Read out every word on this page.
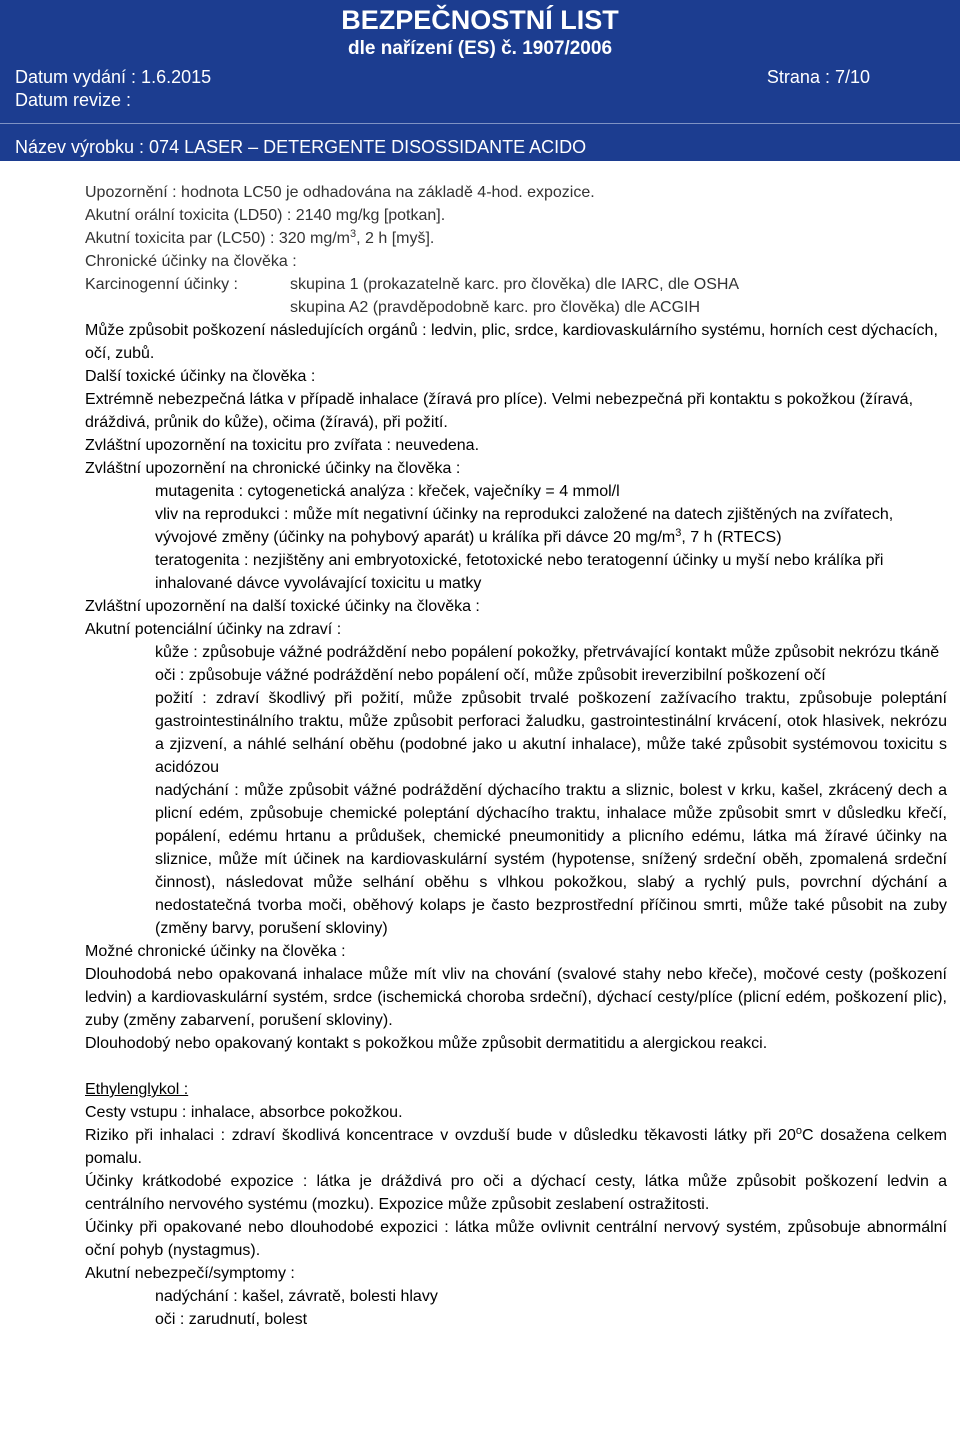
BEZPEČNOSTNÍ LIST
dle nařízení (ES) č. 1907/2006
Datum vydání : 1.6.2015	Strana : 7/10
Datum revize :
Název výrobku : 074 LASER – DETERGENTE DISOSSIDANTE ACIDO

Upozornění : hodnota LC50 je odhadována na základě 4-hod. expozice.

Akutní orální toxicita (LD50) : 2140 mg/kg [potkan].

Akutní toxicita par (LC50) : 320 $mg/m^3$, 2 h [myš].

Chronické účinky na člověka :

Karcinogenní účinky :	skupina 1 (prokazatelně karc. pro člověka) dle IARC, dle OSHA
skupina A2 (pravděpodobně karc. pro člověka) dle ACGIH

Může způsobit poškození následujících orgánů : ledvin, plic, srdce, kardiovaskulárního systému, horních cest dýchacích, očí, zubů.

Další toxické účinky na člověka :

Extrémně nebezpečná látka v případě inhalace (žíravá pro plíce). Velmi nebezpečná při kontaktu s pokožkou (žíravá, dráždivá, průnik do kůže), očima (žíravá), při požití.

Zvláštní upozornění na toxicitu pro zvířata : neuvedena.

Zvláštní upozornění na chronické účinky na člověka :

mutagenita : cytogenetická analýza : křeček, vaječníky = 4 mmol/l

vliv na reprodukci : může mít negativní účinky na reprodukci založené na datech zjištěných na zvířatech, vývojové změny (účinky na pohybový aparát) u králíka při dávce 20 $mg/m^3$, 7 h (RTECS)

teratogenita : nezjištěny ani embryotoxické, fetotoxické nebo teratogenní účinky u myší nebo králíka při inhalované dávce vyvolávající toxicitu u matky

Zvláštní upozornění na další toxické účinky na člověka :

Akutní potenciální účinky na zdraví :

kůže : způsobuje vážné podráždění nebo popálení pokožky, přetrvávající kontakt může způsobit nekrózu tkáně

oči : způsobuje vážné podráždění nebo popálení očí, může způsobit ireverzibilní poškození očí

požití : zdraví škodlivý při požití, může způsobit trvalé poškození zažívacího traktu, způsobuje poleptání gastrointestinálního traktu, může způsobit perforaci žaludku, gastrointestinální krvácení, otok hlasivek, nekrózu a zjizvení, a náhlé selhání oběhu (podobné jako u akutní inhalace), může také způsobit systémovou toxicitu s acidózou

nadýchání : může způsobit vážné podráždění dýchacího traktu a sliznic, bolest v krku, kašel, zkrácený dech a plicní edém, způsobuje chemické poleptání dýchacího traktu, inhalace může způsobit smrt v důsledku křečí, popálení, edému hrtanu a průdušek, chemické pneumonitidy a plicního edému, látka má žíravé účinky na sliznice, může mít účinek na kardiovaskulární systém (hypotense, snížený srdeční oběh, zpomalená srdeční činnost), následovat může selhání oběhu s vlhkou pokožkou, slabý a rychlý puls, povrchní dýchání a nedostatečná tvorba moči, oběhový kolaps je často bezprostřední příčinou smrti, může také působit na zuby (změny barvy, porušení skloviny)

Možné chronické účinky na člověka :

Dlouhodobá nebo opakovaná inhalace může mít vliv na chování (svalové stahy nebo křeče), močové cesty (poškození ledvin) a kardiovaskulární systém, srdce (ischemická choroba srdeční), dýchací cesty/plíce (plicní edém, poškození plic), zuby (změny zabarvení, porušení skloviny).

Dlouhodobý nebo opakovaný kontakt s pokožkou může způsobit dermatitidu a alergickou reakci.

Ethylenglykol :

Cesty vstupu : inhalace, absorbce pokožkou.

Riziko při inhalaci : zdraví škodlivá koncentrace v ovzduší bude v důsledku těkavosti látky při 20$^o$C dosažena celkem pomalu.

Účinky krátkodobé expozice : látka je dráždivá pro oči a dýchací cesty, látka může způsobit poškození ledvin a centrálního nervového systému (mozku). Expozice může způsobit zeslabení ostražitosti.

Účinky při opakované nebo dlouhodobé expozici : látka může ovlivnit centrální nervový systém, způsobuje abnormální oční pohyb (nystagmus).

Akutní nebezpečí/symptomy :

nadýchání : kašel, závratě, bolesti hlavy

oči : zarudnutí, bolest
